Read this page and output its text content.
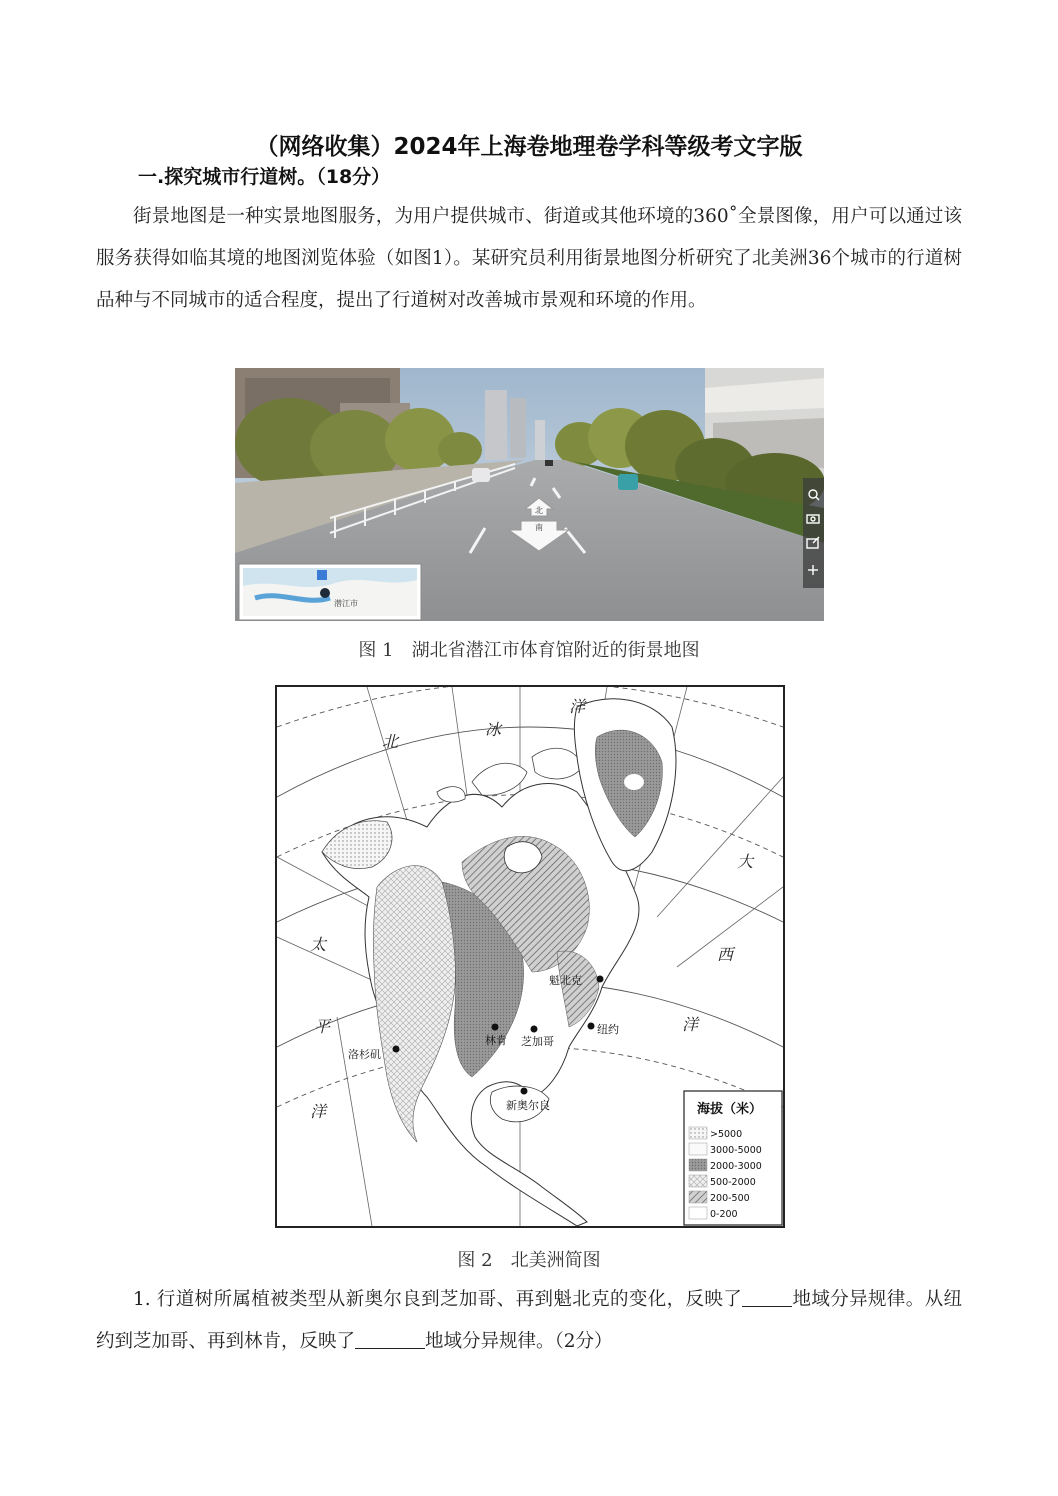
（网络收集）2024年上海卷地理卷学科等级考文字版
一.探究城市行道树。（18分）
街景地图是一种实景地图服务，为用户提供城市、街道或其他环境的360˚全景图像，用户可以通过该服务获得如临其境的地图浏览体验（如图1）。某研究员利用街景地图分析研究了北美洲36个城市的行道树品种与不同城市的适合程度，提出了行道树对改善城市景观和环境的作用。
北
南
潜江市
图 1　湖北省潜江市体育馆附近的街景地图
北
冰
洋
太
平
洋
大
西
洋
魁北克
林肯 芝加哥
纽约
洛杉矶
新奥尔良	海拔（米）
>5000
3000-5000
2000-3000
500-2000
200-500
0-200
图 2　北美洲简图
1. 行道树所属植被类型从新奥尔良到芝加哥、再到魁北克的变化，反映了	地域分异规律。从纽约到芝加哥、再到林肯，反映了	地域分异规律。（2分）
